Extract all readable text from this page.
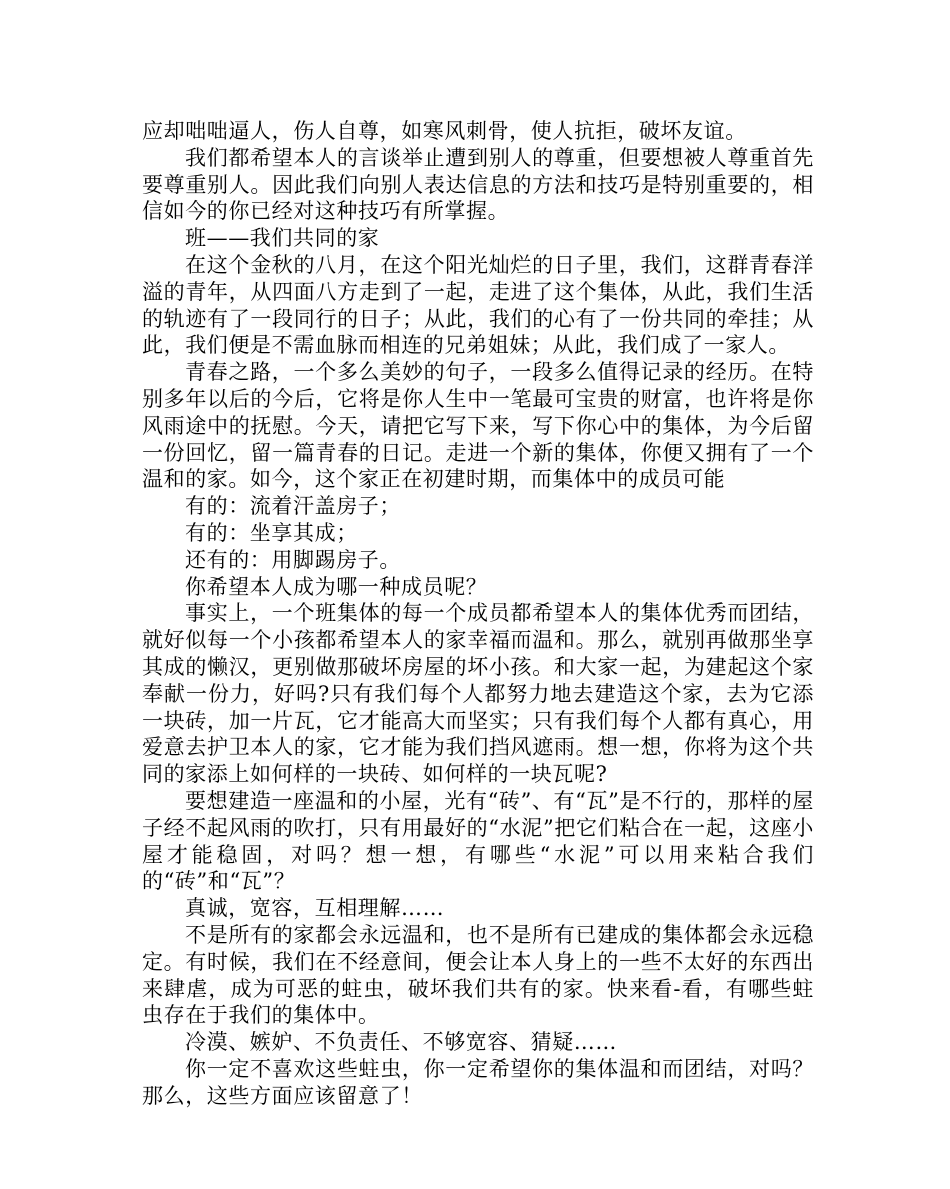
应却咄咄逼人，伤人自尊，如寒风刺骨，使人抗拒，破坏友谊。

我们都希望本人的言谈举止遭到别人的尊重，但要想被人尊重首先要尊重别人。因此我们向别人表达信息的方法和技巧是特别重要的，相信如今的你已经对这种技巧有所掌握。

班——我们共同的家

在这个金秋的八月，在这个阳光灿烂的日子里，我们，这群青春洋溢的青年，从四面八方走到了一起，走进了这个集体，从此，我们生活的轨迹有了一段同行的日子；从此，我们的心有了一份共同的牵挂；从此，我们便是不需血脉而相连的兄弟姐妹；从此，我们成了一家人。

青春之路，一个多么美妙的句子，一段多么值得记录的经历。在特别多年以后的今后，它将是你人生中一笔最可宝贵的财富，也许将是你风雨途中的抚慰。今天，请把它写下来，写下你心中的集体，为今后留一份回忆，留一篇青春的日记。走进一个新的集体，你便又拥有了一个温和的家。如今，这个家正在初建时期，而集体中的成员可能

有的：流着汗盖房子；

有的：坐享其成；

还有的：用脚踢房子。

你希望本人成为哪一种成员呢？

事实上，一个班集体的每一个成员都希望本人的集体优秀而团结，就好似每一个小孩都希望本人的家幸福而温和。那么，就别再做那坐享其成的懒汉，更别做那破坏房屋的坏小孩。和大家一起，为建起这个家奉献一份力，好吗?只有我们每个人都努力地去建造这个家，去为它添一块砖，加一片瓦，它才能高大而坚实；只有我们每个人都有真心，用爱意去护卫本人的家，它才能为我们挡风遮雨。想一想，你将为这个共同的家添上如何样的一块砖、如何样的一块瓦呢?

要想建造一座温和的小屋，光有“砖”、有“瓦”是不行的，那样的屋子经不起风雨的吹打，只有用最好的“水泥”把它们粘合在一起，这座小屋才能稳固，对吗？想一想，有哪些“水泥”可以用来粘合我们的“砖”和“瓦”？

真诚，宽容，互相理解……

不是所有的家都会永远温和，也不是所有已建成的集体都会永远稳定。有时候，我们在不经意间，便会让本人身上的一些不太好的东西出来肆虐，成为可恶的蛀虫，破坏我们共有的家。快来看-看，有哪些蛀虫存在于我们的集体中。

冷漠、嫉妒、不负责任、不够宽容、猜疑……

你一定不喜欢这些蛀虫，你一定希望你的集体温和而团结，对吗？那么，这些方面应该留意了！
